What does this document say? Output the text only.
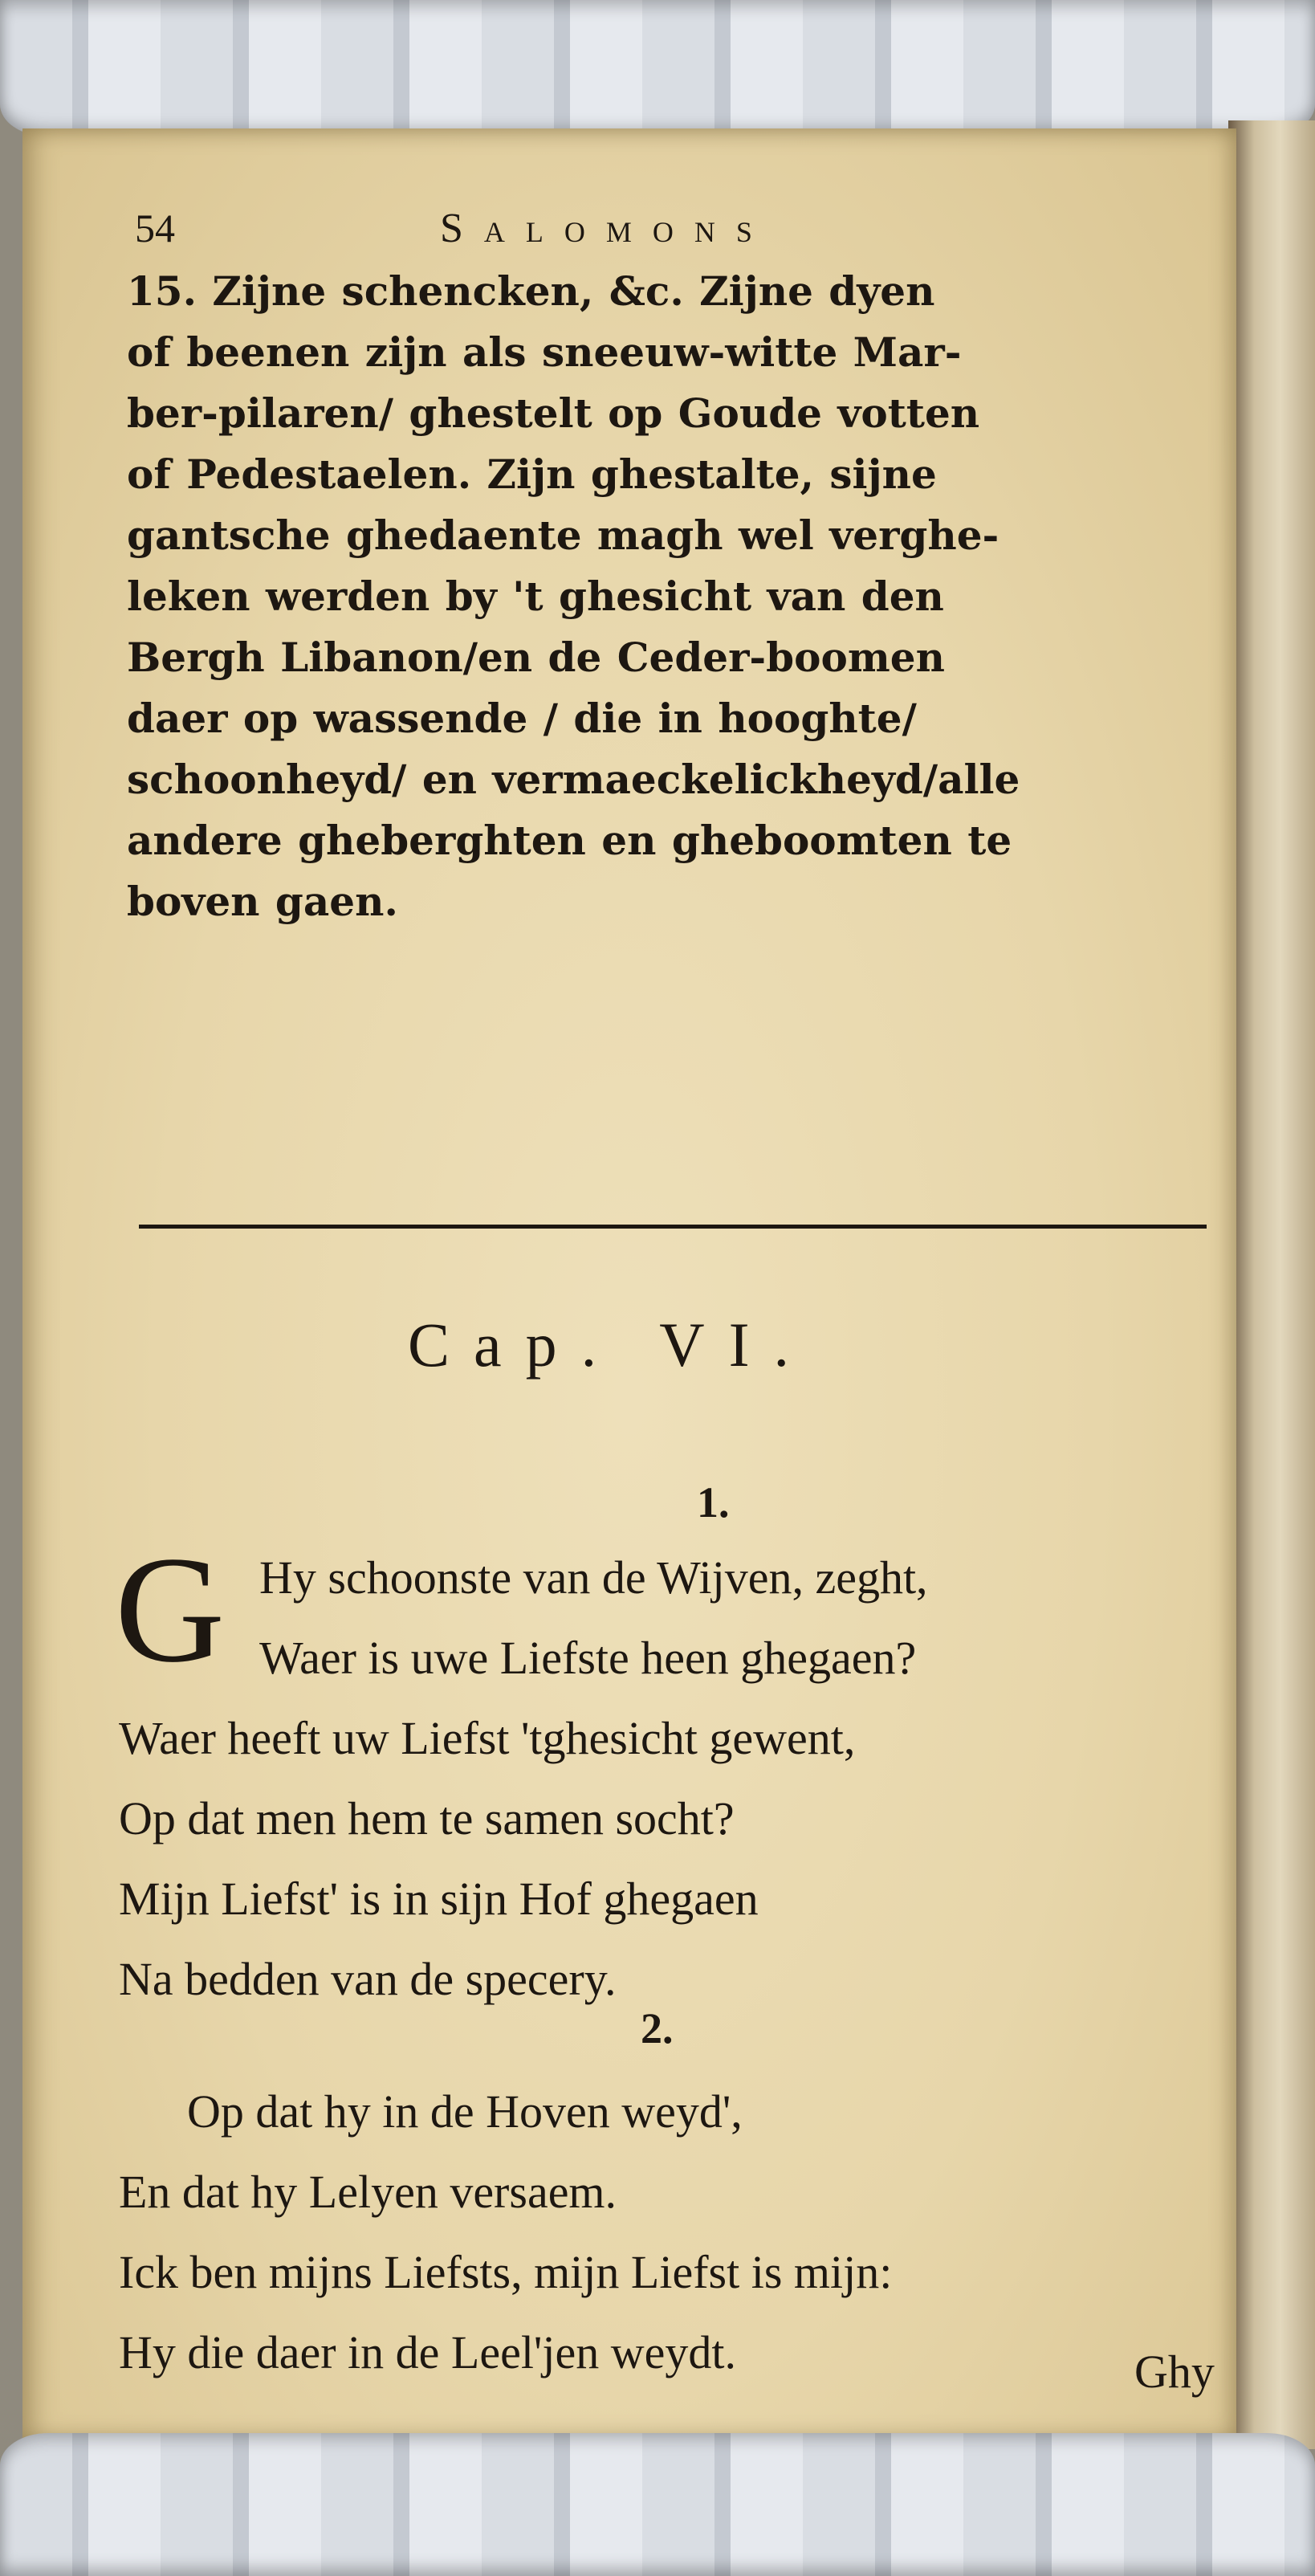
54	Salomons
15. Zijne schencken, &c. Zijne dyen
of beenen zijn als sneeuw-witte Mar-
ber-pilaren/ ghestelt op Goude votten
of Pedestaelen. Zijn ghestalte, sijne
gantsche ghedaente magh wel verghe-
leken werden by 't ghesicht van den
Bergh Libanon/en de Ceder-boomen
daer op wassende / die in hooghte/
schoonheyd/ en vermaeckelickheyd/alle
andere gheberghten en gheboomten te
boven gaen.
Cap. VI.
1.
G Hy schoonste van de Wijven, zeght,
Waer is uwe Liefste heen ghegaen?
Waer heeft uw Liefst 'tghesicht gewent,
Op dat men hem te samen socht?
Mijn Liefst' is in sijn Hof ghegaen
Na bedden van de specery.
2.
Op dat hy in de Hoven weyd',
En dat hy Lelyen versaem.
Ick ben mijns Liefsts, mijn Liefst is mijn:
Hy die daer in de Leel'jen weydt.	Ghy
